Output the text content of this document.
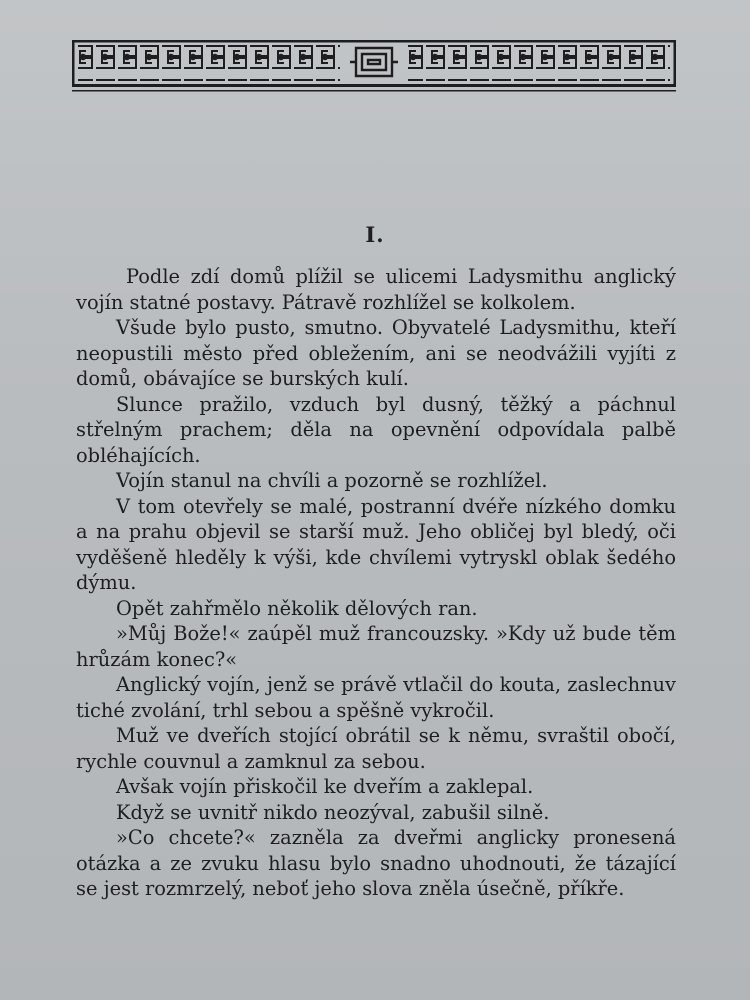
I.

Podle zdí domů plížil se ulicemi Ladysmithu anglický vojín statné postavy. Pátravě rozhlížel se kolkolem.

Všude bylo pusto, smutno. Obyvatelé Ladysmithu, kteří neopustili město před obležením, ani se neodvážili vyjíti z domů, obávajíce se burských kulí.

Slunce pražilo, vzduch byl dusný, těžký a páchnul střelným prachem; děla na opevnění odpovídala palbě obléhajících.

Vojín stanul na chvíli a pozorně se rozhlížel.

V tom otevřely se malé, postranní dvéře nízkého domku a na prahu objevil se starší muž. Jeho obličej byl bledý, oči vyděšeně hleděly k výši, kde chvílemi vytryskl oblak šedého dýmu.

Opět zahřmělo několik dělových ran.

»Můj Bože!« zaúpěl muž francouzsky. »Kdy už bude těm hrůzám konec?«

Anglický vojín, jenž se právě vtlačil do kouta, zaslechnuv tiché zvolání, trhl sebou a spěšně vykročil.

Muž ve dveřích stojící obrátil se k němu, svraštil obočí, rychle couvnul a zamknul za sebou.

Avšak vojín přiskočil ke dveřím a zaklepal.

Když se uvnitř nikdo neozýval, zabušil silně.

»Co chcete?« zazněla za dveřmi anglicky pronesená otázka a ze zvuku hlasu bylo snadno uhodnouti, že tázající se jest rozmrzelý, neboť jeho slova zněla úsečně, příkře.
